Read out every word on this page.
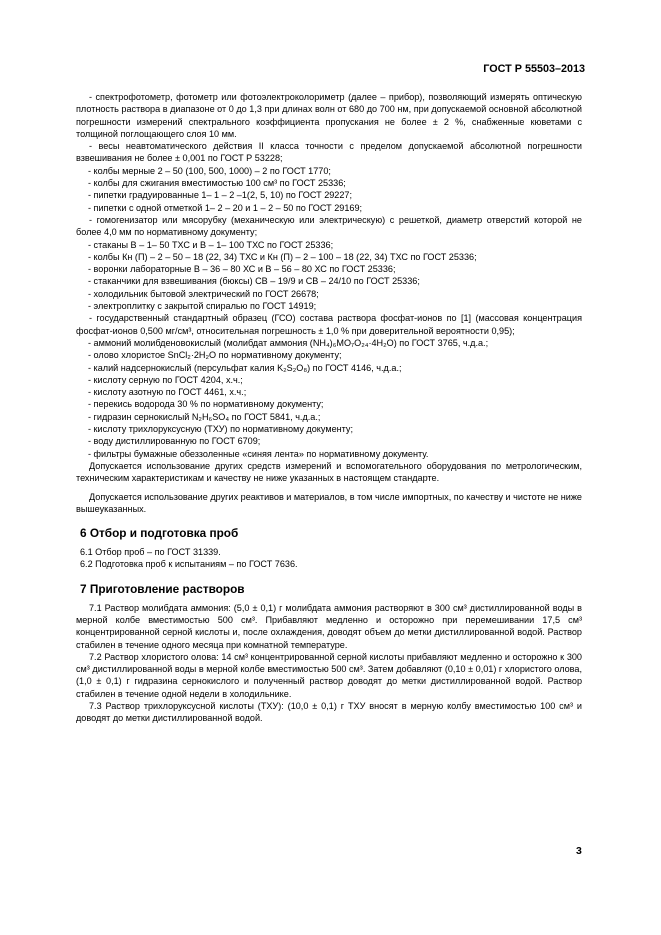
ГОСТ Р 55503–2013

- спектрофотометр, фотометр или фотоэлектроколориметр (далее – прибор), позволяющий измерять оптическую плотность раствора в диапазоне от 0 до 1,3 при длинах волн от 680 до 700 нм, при допускаемой основной абсолютной погрешности измерений спектрального коэффициента пропускания не более ± 2 %, снабженные кюветами с толщиной поглощающего слоя 10 мм.

- весы неавтоматического действия II класса точности с пределом допускаемой абсолютной погрешности взвешивания не более ± 0,001 по ГОСТ Р 53228;

- колбы мерные 2 – 50 (100, 500, 1000) – 2 по ГОСТ 1770;

- колбы для сжигания вместимостью 100 см³ по ГОСТ 25336;

- пипетки градуированные 1– 1 – 2 –1(2, 5, 10) по ГОСТ 29227;

- пипетки с одной отметкой 1– 2 – 20 и 1 – 2 – 50 по ГОСТ 29169;

- гомогенизатор или мясорубку (механическую или электрическую) с решеткой, диаметр отверстий которой не более 4,0 мм по нормативному документу;

- стаканы В – 1– 50 ТХС и В – 1– 100 ТХС по ГОСТ 25336;

- колбы Кн (П) – 2 – 50 – 18 (22, 34) ТХС и Кн (П) – 2 – 100 – 18 (22, 34) ТХС по ГОСТ 25336;

- воронки лабораторные В – 36 – 80 ХС и В – 56 – 80 ХС по ГОСТ 25336;

- стаканчики для взвешивания (бюксы) СВ – 19/9 и СВ – 24/10 по ГОСТ 25336;

- холодильник бытовой электрический по ГОСТ 26678;

- электроплитку с закрытой спиралью по ГОСТ 14919;

- государственный стандартный образец (ГСО) состава раствора фосфат-ионов по [1] (массовая концентрация фосфат-ионов 0,500 мг/см³, относительная погрешность ± 1,0 % при доверительной вероятности 0,95);

- аммоний молибденовокислый (молибдат аммония (NH₄)₆MO₇O₂₄·4H₂O) по ГОСТ 3765, ч.д.а.;

- олово хлористое SnCl₂·2H₂O по нормативному документу;

- калий надсернокислый (персульфат калия K₂S₂O₈) по ГОСТ 4146, ч.д.а.;

- кислоту серную по ГОСТ 4204, х.ч.;

- кислоту азотную по ГОСТ 4461, х.ч.;

- перекись водорода 30 % по нормативному документу;

- гидразин сернокислый N₂H₆SO₄ по ГОСТ 5841, ч.д.а.;

- кислоту трихлоруксусную (ТХУ) по нормативному документу;

- воду дистиллированную по ГОСТ 6709;

- фильтры бумажные обеззоленные «синяя лента» по нормативному документу.

Допускается использование других средств измерений и вспомогательного оборудования по метрологическим, техническим характеристикам и качеству не ниже указанных в настоящем стандарте.

Допускается использование других реактивов и материалов, в том числе импортных, по качеству и чистоте не ниже вышеуказанных.

6 Отбор и подготовка проб

6.1 Отбор проб – по ГОСТ 31339.

6.2 Подготовка проб к испытаниям – по ГОСТ 7636.

7 Приготовление растворов

7.1 Раствор молибдата аммония: (5,0 ± 0,1) г молибдата аммония растворяют в 300 см³ дистиллированной воды в мерной колбе вместимостью 500 см³. Прибавляют медленно и осторожно при перемешивании 17,5 см³ концентрированной серной кислоты и, после охлаждения, доводят объем до метки дистиллированной водой. Раствор стабилен в течение одного месяца при комнатной температуре.

7.2 Раствор хлористого олова: 14 см³ концентрированной серной кислоты прибавляют медленно и осторожно к 300 см³ дистиллированной воды в мерной колбе вместимостью 500 см³. Затем добавляют (0,10 ± 0,01) г хлористого олова, (1,0 ± 0,1) г гидразина сернокислого и полученный раствор доводят до метки дистиллированной водой. Раствор стабилен в течение одной недели в холодильнике.

7.3 Раствор трихлоруксусной кислоты (ТХУ): (10,0 ± 0,1) г ТХУ вносят в мерную колбу вместимостью 100 см³ и доводят до метки дистиллированной водой.

3
